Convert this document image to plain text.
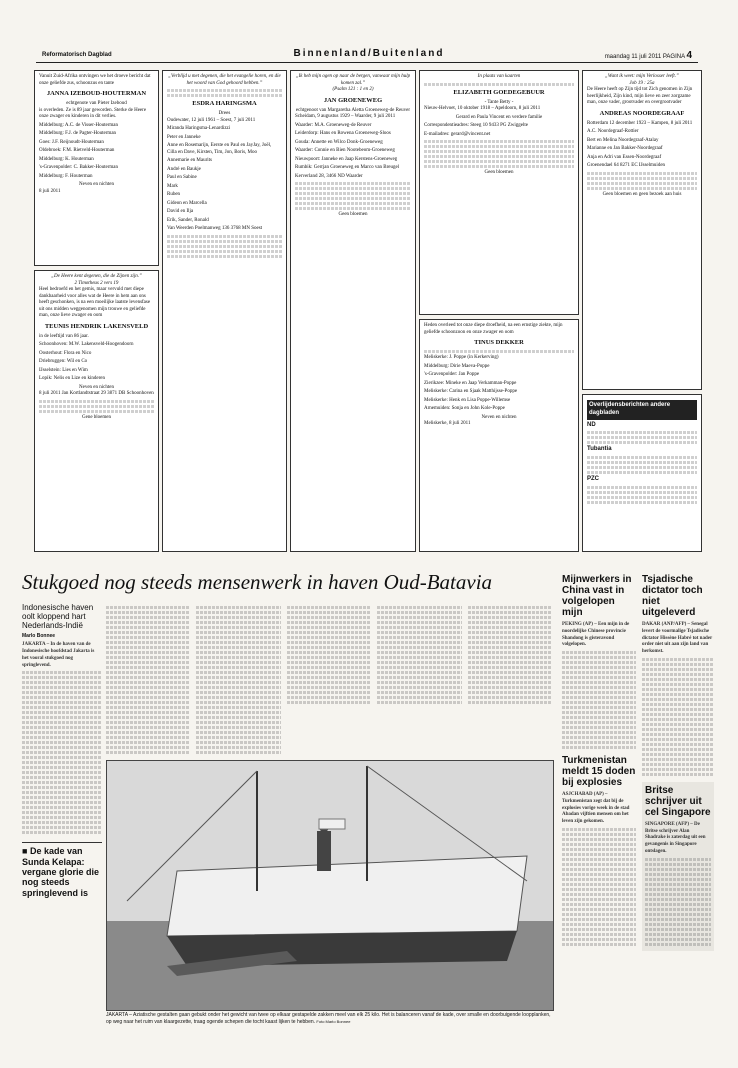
Reformatorisch Dagblad	Binnenland/Buitenland	maandag 11 juli 2011 PAGINA 4

Vanuit Zuid-Afrika ontvingen we het droeve bericht dat onze geliefde zus, schoonzus en tante

JANNA IZEBOUD-HOUTERMAN
echtgenote van Pieter Izeboud

is overleden. Ze is 89 jaar geworden. Sterke de Heere onze zwager en kinderen in dit verlies.

Middelburg: A.C. de Visser-Houterman

Middelburg: F.J. de Pagter-Houterman

Goes: J.F. Reijnoudt-Houterman

Oldebroek: F.M. Rietveld-Houterman

Middelburg: K. Houterman

's-Gravenpolder: C. Bakker-Houterman

Middelburg: F. Houterman

Neven en nichten

8 juli 2011

„De Heere kent degenen, die de Zijnen zijn.”
2 Timotheus 2 vers 19

Heel bedroefd en het gemis, maar vervuld met diepe dankbaarheid voor alles wat de Heere in hem aan ons heeft geschonken, is na een moeilijke laatste levensfase uit ons midden weggenomen mijn trouwe en geliefde man, onze lieve zwager en oom

TEUNIS HENDRIK LAKENSVELD

in de leeftijd van 86 jaar.

Schoonhoven: M.W. Lakensveld-Hoogendoorn

Oosterhout: Flora en Nico

Driebruggen: Wil en Co

IJsselstein: Lies en Wim

Lopik: Nelis en Lize en kinderen

Neven en nichten

8 juli 2011 Jan Kortlandtstraat 29 3871 DB Schoonhoven

Gene bloemen
„Verblijd u met degenen, die het evangelie horen, en die het woord van God gehoord hebben.”
ESDRA HARINGSMA
Drees

Oudewater, 12 juli 1961 – Soest, 7 juli 2011

Miranda Haringsma-Lenardizzi

Peter en Janneke

Anne en Rosemarijn, Eerste en Paul en JayJay, Joël, Cilla en Dave, Kirsten, Tim, Jon, Boris, Moo

Annemarie en Maurits

André en Baukje

Paul en Sabine

Mark

Ruben

Gideon en Marcella

David en Ilja

Erik, Sander, Ronald

Van Weerden Poelmanweg 136 3768 MN Soest

„Ik heb mijn ogen op naar de bergen, vanwaar mijn hulp komen zal.”
(Psalm 121 : 1 en 2)
JAN GROENEWEG
echtgenoot van Margaretha Aletta Groeneweg-de Reuver

Scheidam, 9 augustus 1929 – Waarder, 9 juli 2011

Waarder: M.A. Groeneweg-de Reuver

Leiderdorp: Hans en Rowena Groeneweg-Sloos

Gouda: Annette en Wilco Donk-Groeneweg

Waarder: Connie en Bien Nootebeom-Groeneweg

Nieuwpoort: Janneke en Jaap Kerstens-Groeneweg

Rumbik: Gerrjan Groeneweg en Marco van Breugel

Kerverland 28, 3466 ND Waarder

Geen bloemen
In plaats van kaarten
ELIZABETH GOEDEGEBUUR
- Tante Betty -

Nieuw-Helvoet, 10 oktober 1918 – Apeldoorn, 8 juli 2011

Gerard en Paula Vincent en verdere familie

Correspondentieadres: Steeg 10 9433 PG Zwiggelte

E-mailadres: gerard@vincent.net

Geen bloemen

Heden overleed tot onze diepe droefheid, na een ernstige ziekte, mijn geliefde schoonzoon en onze zwager en oom

TINUS DEKKER

Meliskerke: J. Poppe (in Kerkerving)

Middelburg: Dirie Maeva-Poppe

's-Gravenpolder: Jan Poppe

Zierikzee: Mineke en Jaap Verkamman-Poppe

Meliskerke: Carina en Sjaak Matthijsse-Poppe

Meliskerke: Henk en Lisa Poppe-Willemse

Arnemuiden: Sonja en John Kole-Poppe

Neven en nichten

Meliskerke, 8 juli 2011

„Want ik weet: mijn Verlosser leeft.”
Job 19 : 25a

De Heere heeft op Zijn tijd tot Zich genomen in Zijn heerlijkheid, Zijn kind, mijn lieve en zeer zorgzame man, onze vader, grootvader en overgrootvader

ANDREAS NOORDEGRAAF

Rotterdam 12 december 1923 – Kampen, 8 juli 2011

A.C. Noordegraaf-Rottier

Bert en Melina Noordegraaf-Atalay

Marianne en Jan Bakker-Noordegraaf

Anja en Adri van Essen-Noordegraaf

Groenendael 64 8271 EC IJsselmuiden

Geen bloemen en geen bezoek aan huis
Overlijdensberichten andere dagbladen
ND
Tubantia
PZC
Stukgoed nog steeds mensenwerk in haven Oud-Batavia
Indonesische haven oolt kloppend hart Nederlands-Indië
Marlo Bonnee
JAKARTA – In de haven van de Indonesische hoofdstad Jakarta is het vooral stukgoed nog springlevend.
■ De kade van Sunda Kelapa: vergane glorie die nog steeds springlevend is
JAKARTA – Aziatische gestalten gaan gebukt onder het gewicht van twee op elkaar gestapelde zakken meel van elk 25 kilo. Het is balanceren vanaf de kade, over smalle en doorbuigende loopplanken, op weg naar het ruim van klaargezette, traag ogende schepen die tocht kaast lijken te hebben. Foto Marlo Bonnee
Mijnwerkers in China vast in volgelopen mijn
PEKING (AP) – Een mijn in de noordelijke Chinese provincie Shandong is gisteravond volgelopen.
Turkmenistan meldt 15 doden bij explosies
ASJCHABAD (AP) – Turkmenistan zegt dat bij de explosies vorige week in de stad Abadan vijftien mensen om het leven zijn gekomen.
Tsjadische dictator toch niet uitgeleverd
DAKAR (ANP/AFP) – Senegal levert de voormalige Tsjadische dictator Hissène Habré tot nader order niet uit aan zijn land van herkomst.
Britse schrijver uit cel Singapore
SINGAPORE (AFP) – De Britse schrijver Alan Shadrake is zaterdag uit een gevangenis in Singapore ontslagen.
